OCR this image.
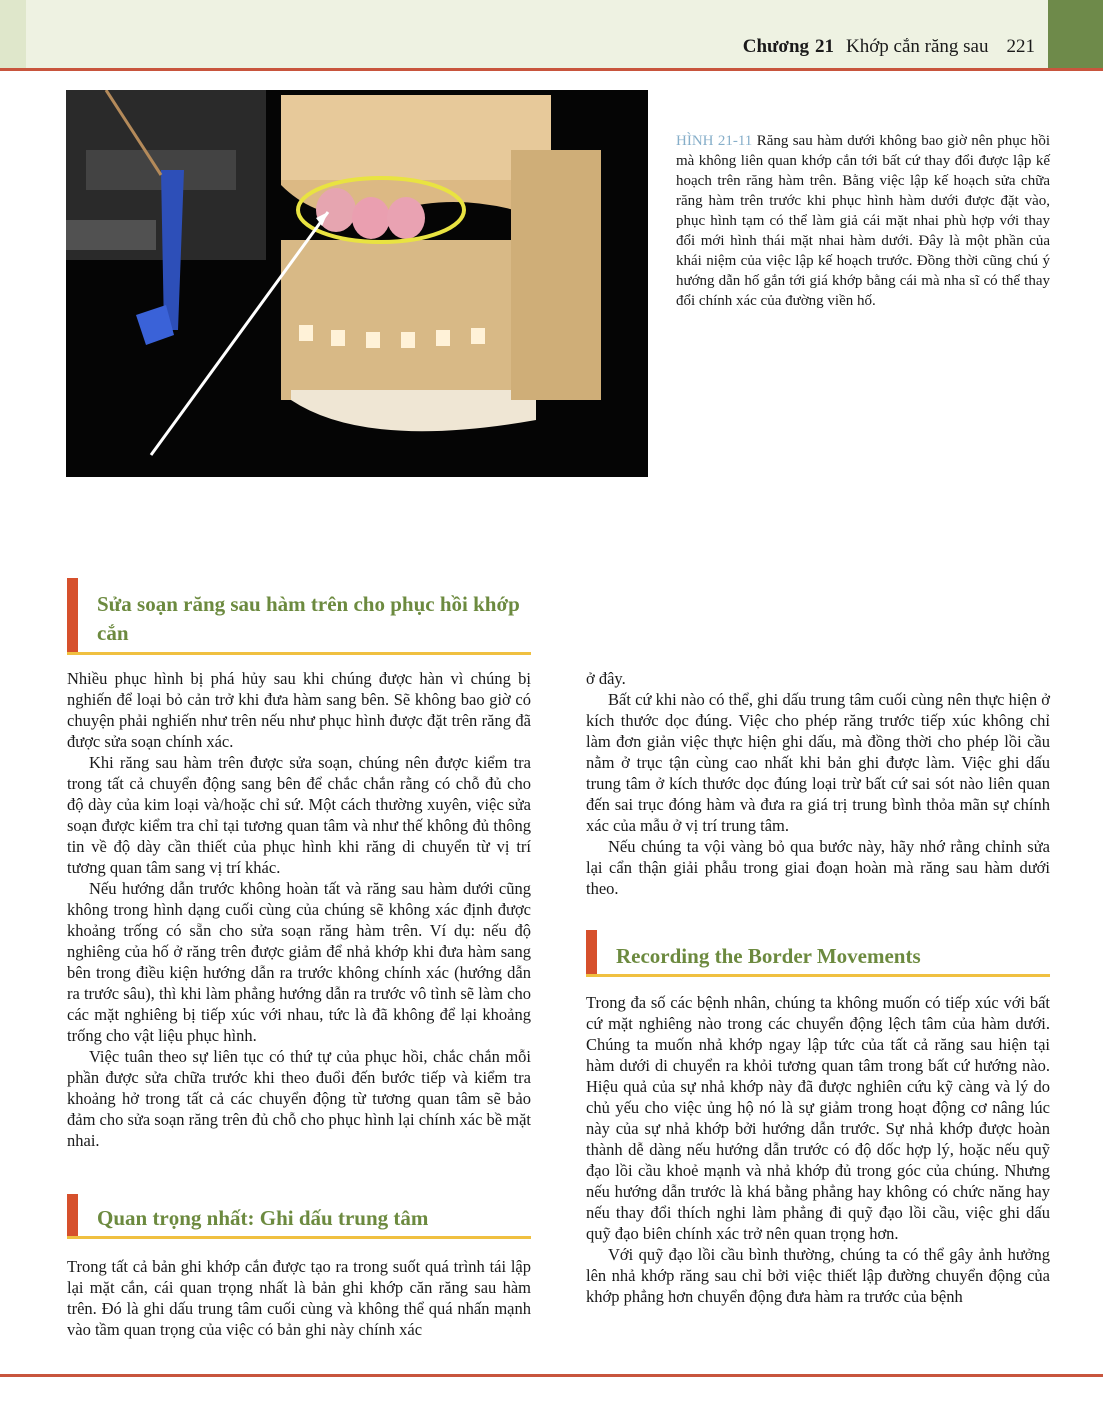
Chương 21 Khớp cắn răng sau 221
HÌNH 21-11 Răng sau hàm dưới không bao giờ nên phục hồi mà không liên quan khớp cắn tới bất cứ thay đổi được lập kế hoạch trên răng hàm trên. Bằng việc lập kế hoạch sửa chữa răng hàm trên trước khi phục hình hàm dưới được đặt vào, phục hình tạm có thể làm giả cái mặt nhai phù hợp với thay đổi mới hình thái mặt nhai hàm dưới. Đây là một phần của khái niệm của việc lập kế hoạch trước. Đồng thời cũng chú ý hướng dẫn hố gắn tới giá khớp bằng cái mà nha sĩ có thể thay đổi chính xác của đường viền hố.
Sửa soạn răng sau hàm trên cho phục hồi khớp cắn

Nhiều phục hình bị phá hủy sau khi chúng được hàn vì chúng bị nghiến để loại bỏ cản trở khi đưa hàm sang bên. Sẽ không bao giờ có chuyện phải nghiến như trên nếu như phục hình được đặt trên răng đã được sửa soạn chính xác.

Khi răng sau hàm trên được sửa soạn, chúng nên được kiểm tra trong tất cả chuyển động sang bên để chắc chắn rằng có chỗ đủ cho độ dày của kim loại và/hoặc chỉ sứ. Một cách thường xuyên, việc sửa soạn được kiểm tra chỉ tại tương quan tâm và như thế không đủ thông tin về độ dày cần thiết của phục hình khi răng di chuyển từ vị trí tương quan tâm sang vị trí khác.

Nếu hướng dẫn trước không hoàn tất và răng sau hàm dưới cũng không trong hình dạng cuối cùng của chúng sẽ không xác định được khoảng trống có sẵn cho sửa soạn răng hàm trên. Ví dụ: nếu độ nghiêng của hố ở răng trên được giảm để nhả khớp khi đưa hàm sang bên trong điều kiện hướng dẫn ra trước không chính xác (hướng dẫn ra trước sâu), thì khi làm phẳng hướng dẫn ra trước vô tình sẽ làm cho các mặt nghiêng bị tiếp xúc với nhau, tức là đã không để lại khoảng trống cho vật liệu phục hình.

Việc tuân theo sự liên tục có thứ tự của phục hồi, chắc chắn mỗi phần được sửa chữa trước khi theo đuổi đến bước tiếp và kiểm tra khoảng hở trong tất cả các chuyển động từ tương quan tâm sẽ bảo đảm cho sửa soạn răng trên đủ chỗ cho phục hình lại chính xác bề mặt nhai.

Quan trọng nhất: Ghi dấu trung tâm

Trong tất cả bản ghi khớp cắn được tạo ra trong suốt quá trình tái lập lại mặt cắn, cái quan trọng nhất là bản ghi khớp căn răng sau hàm trên. Đó là ghi dấu trung tâm cuối cùng và không thể quá nhấn mạnh vào tầm quan trọng của việc có bản ghi này chính xác

ở đây.

Bất cứ khi nào có thể, ghi dấu trung tâm cuối cùng nên thực hiện ở kích thước dọc đúng. Việc cho phép răng trước tiếp xúc không chỉ làm đơn giản việc thực hiện ghi dấu, mà đồng thời cho phép lồi cầu nằm ở trục tận cùng cao nhất khi bản ghi được làm. Việc ghi dấu trung tâm ở kích thước dọc đúng loại trừ bất cứ sai sót nào liên quan đến sai trục đóng hàm và đưa ra giá trị trung bình thỏa mãn sự chính xác của mẫu ở vị trí trung tâm.

Nếu chúng ta vội vàng bỏ qua bước này, hãy nhớ rằng chỉnh sửa lại cẩn thận giải phẫu trong giai đoạn hoàn mà răng sau hàm dưới theo.

Recording the Border Movements

Trong đa số các bệnh nhân, chúng ta không muốn có tiếp xúc với bất cứ mặt nghiêng nào trong các chuyển động lệch tâm của hàm dưới. Chúng ta muốn nhả khớp ngay lập tức của tất cả răng sau hiện tại hàm dưới di chuyển ra khỏi tương quan tâm trong bất cứ hướng nào. Hiệu quả của sự nhả khớp này đã được nghiên cứu kỹ càng và lý do chủ yếu cho việc ủng hộ nó là sự giảm trong hoạt động cơ nâng lúc này của sự nhả khớp bởi hướng dẫn trước. Sự nhả khớp được hoàn thành dễ dàng nếu hướng dẫn trước có độ dốc hợp lý, hoặc nếu quỹ đạo lồi cầu khoẻ mạnh và nhả khớp đủ trong góc của chúng. Nhưng nếu hướng dẫn trước là khá bằng phẳng hay không có chức năng hay nếu thay đổi thích nghi làm phẳng đi quỹ đạo lồi cầu, việc ghi dấu quỹ đạo biên chính xác trở nên quan trọng hơn.

Với quỹ đạo lồi cầu bình thường, chúng ta có thể gây ảnh hưởng lên nhả khớp răng sau chỉ bởi việc thiết lập đường chuyển động của khớp phẳng hơn chuyển động đưa hàm ra trước của bệnh
